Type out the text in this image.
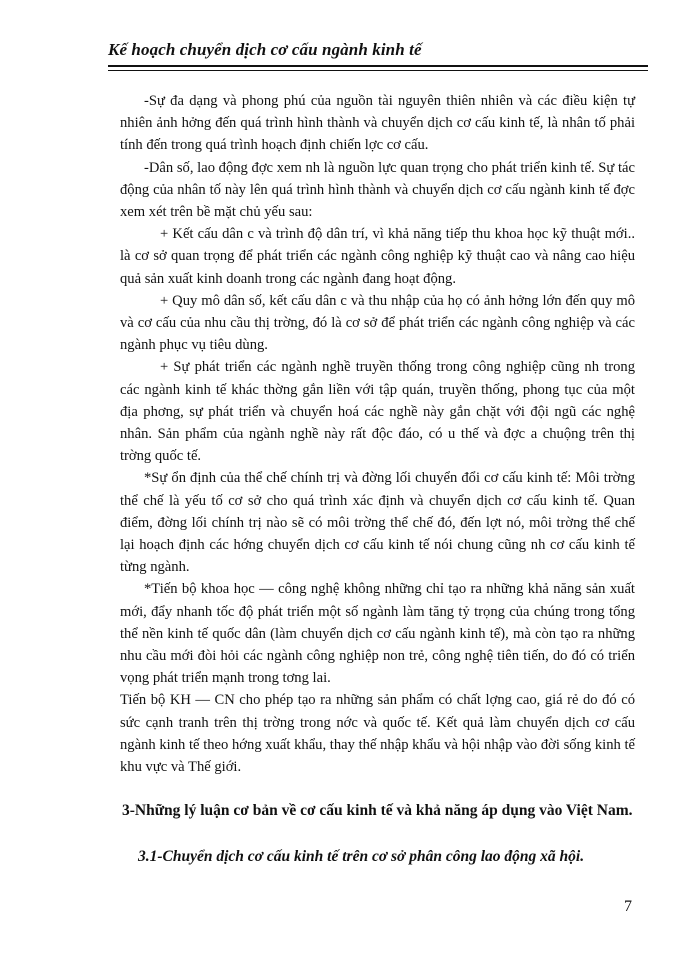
Kế hoạch chuyển dịch cơ cấu ngành kinh tế

-Sự đa dạng và phong phú của nguồn tài nguyên thiên nhiên và các điều kiện tự nhiên ảnh hởng đến quá trình hình thành và chuyển dịch cơ cấu kinh tế, là nhân tố phải tính đến trong quá trình hoạch định chiến lợc cơ cấu.

-Dân số, lao động đợc xem nh là nguồn lực quan trọng cho phát triển kinh tế. Sự tác động của nhân tố này lên quá trình hình thành và chuyển dịch cơ cấu ngành kinh tế đợc xem xét trên bề mặt chủ yếu sau:

+ Kết cấu dân c và trình độ dân trí, vì khả năng tiếp thu khoa học kỹ thuật mới.. là cơ sở quan trọng để phát triển các ngành công nghiệp kỹ thuật cao và nâng cao hiệu quả sản xuất kinh doanh trong các ngành đang hoạt động.

+ Quy mô dân số, kết cấu dân c và thu nhập của họ có ảnh hởng lớn đến quy mô và cơ cấu của nhu cầu thị trờng, đó là cơ sở để phát triển các ngành công nghiệp và các ngành phục vụ tiêu dùng.

+ Sự phát triển các ngành nghề truyền thống trong công nghiệp cũng nh trong các ngành kinh tế khác thờng gắn liền với tập quán, truyền thống, phong tục của một địa phơng, sự phát triển và chuyển hoá các nghề này gắn chặt với đội ngũ các nghệ nhân. Sản phẩm của ngành nghề này rất độc đáo, có u thế và đợc a chuộng trên thị trờng quốc tế.

*Sự ổn định của thể chế chính trị và đờng lối chuyển đổi cơ cấu kinh tế: Môi trờng thể chế là yếu tố cơ sở cho quá trình xác định và chuyển dịch cơ cấu kinh tế. Quan điểm, đờng lối chính trị nào sẽ có môi trờng thể chế đó, đến lợt nó, môi trờng thể chế lại hoạch định các hớng chuyển dịch cơ cấu kinh tế nói chung cũng nh cơ cấu kinh tế từng ngành.

*Tiến bộ khoa học — công nghệ không những chỉ tạo ra những khả năng sản xuất mới, đẩy nhanh tốc độ phát triển một số ngành làm tăng tỷ trọng của chúng trong tổng thể nền kinh tế quốc dân (làm chuyển dịch cơ cấu ngành kinh tế), mà còn tạo ra những nhu cầu mới đòi hỏi các ngành công nghiệp non trẻ, công nghệ tiên tiến, do đó có triển vọng phát triển mạnh trong tơng lai.

Tiến bộ KH — CN cho phép tạo ra những sản phẩm có chất lợng cao, giá rẻ do đó có sức cạnh tranh trên thị trờng trong nớc và quốc tế. Kết quả làm chuyển dịch cơ cấu ngành kinh tế theo hớng xuất khẩu, thay thế nhập khẩu và hội nhập vào đời sống kinh tế khu vực và Thế giới.

3-Những lý luận cơ bản về cơ cấu kinh tế và khả năng áp dụng vào Việt Nam.
3.1-Chuyển dịch cơ cấu kinh tế trên cơ sở phân công lao động xã hội.
7
